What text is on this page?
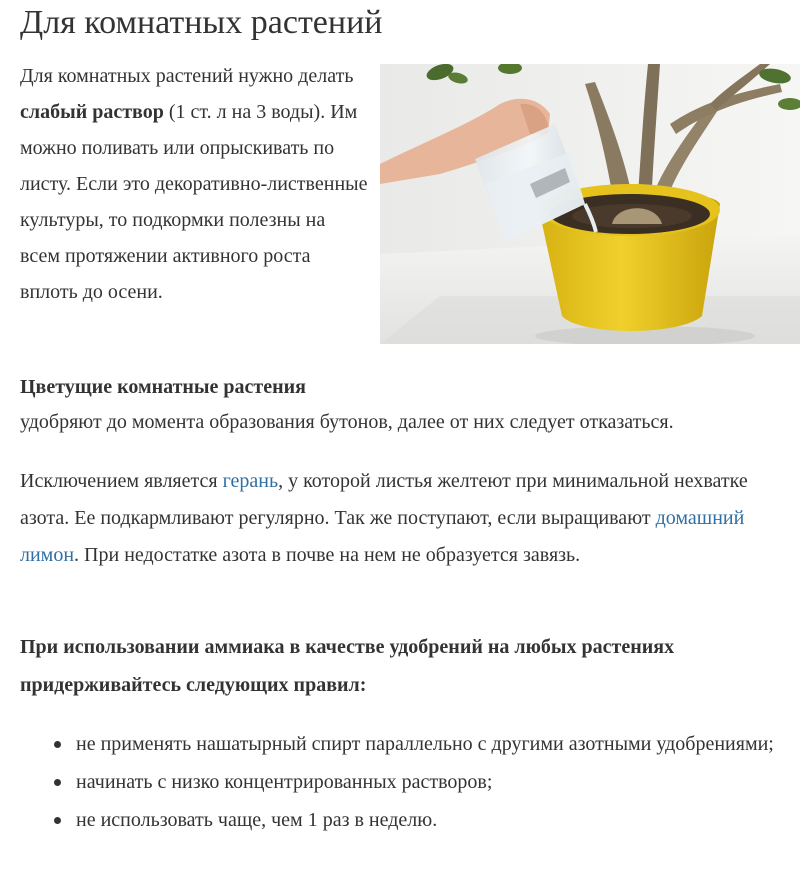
Для комнатных растений

Для комнатных растений нужно делать слабый раствор (1 ст. л на 3 воды). Им можно поливать или опрыскивать по листу. Если это декоративно-лиственные культуры, то подкормки полезны на всем протяжении активного роста вплоть до осени.

Цветущие комнатные растения

удобряют до момента образования бутонов, далее от них следует отказаться.

Исключением является герань, у которой листья желтеют при минимальной нехватке азота. Ее подкармливают регулярно. Так же поступают, если выращивают домашний лимон. При недостатке азота в почве на нем не образуется завязь.

При использовании аммиака в качестве удобрений на любых растениях придерживайтесь следующих правил:

не применять нашатырный спирт параллельно с другими азотными удобрениями;
начинать с низко концентрированных растворов;
не использовать чаще, чем 1 раз в неделю.
